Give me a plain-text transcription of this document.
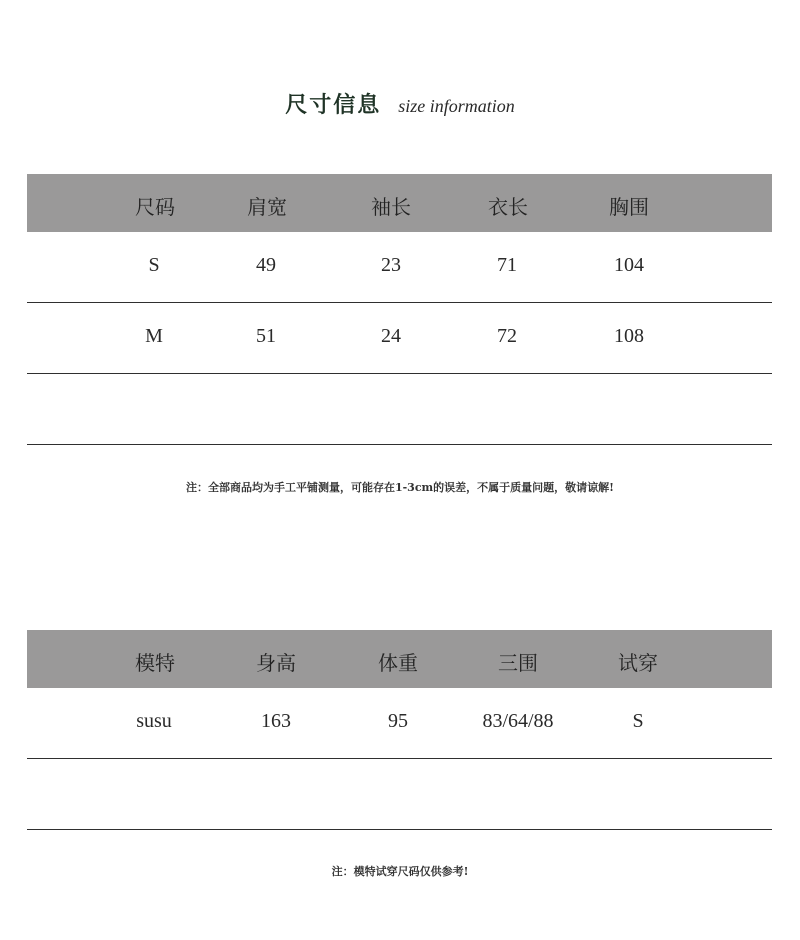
尺寸信息 size information
尺码	肩宽	袖长	衣长	胸围
S	49	23	71	104
M	51	24	72	108
注：全部商品均为手工平铺测量，可能存在1-3cm的误差，不属于质量问题，敬请谅解!
模特	身高	体重	三围	试穿
susu	163	95	83/64/88	S
注：模特试穿尺码仅供参考!
